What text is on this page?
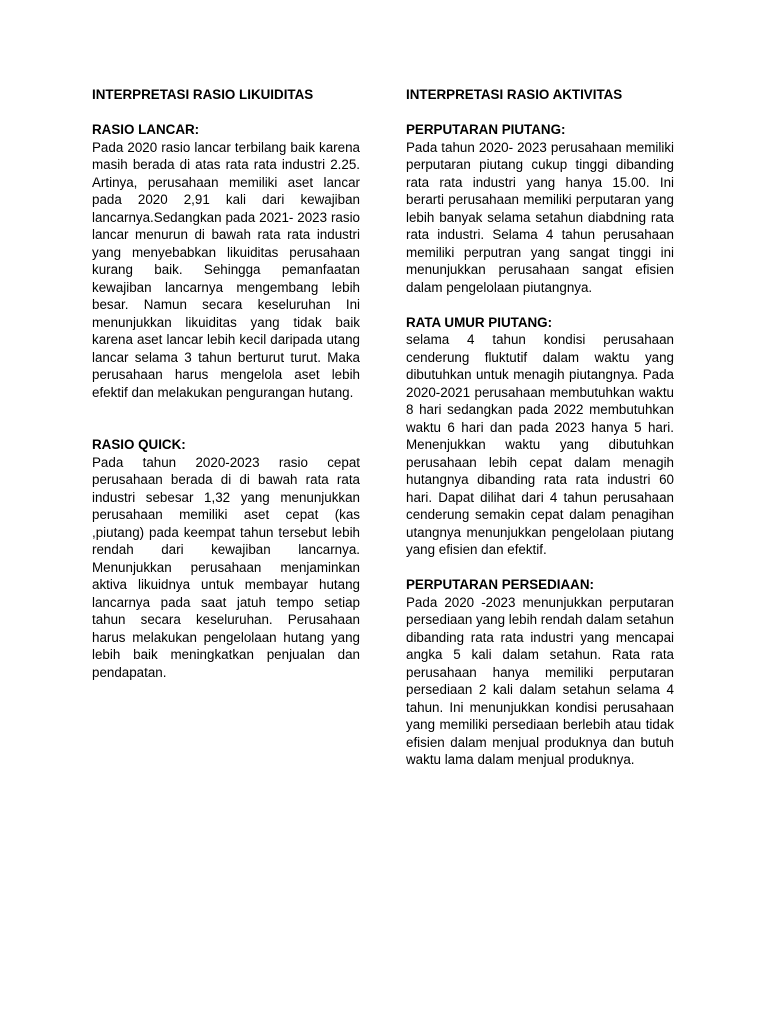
INTERPRETASI RASIO LIKUIDITAS
RASIO LANCAR:

Pada 2020 rasio lancar terbilang baik karena masih berada di atas rata rata industri 2.25. Artinya, perusahaan memiliki aset lancar pada 2020 2,91 kali dari kewajiban lancarnya.Sedangkan pada 2021- 2023 rasio lancar menurun di bawah rata rata industri yang menyebabkan likuiditas perusahaan kurang baik. Sehingga pemanfaatan kewajiban lancarnya mengembang lebih besar. Namun secara keseluruhan Ini menunjukkan likuiditas yang tidak baik karena aset lancar lebih kecil daripada utang lancar selama 3 tahun berturut turut. Maka perusahaan harus mengelola aset lebih efektif dan melakukan pengurangan hutang.

RASIO QUICK:

Pada tahun 2020-2023 rasio cepat perusahaan berada di di bawah rata rata industri sebesar 1,32 yang menunjukkan perusahaan memiliki aset cepat (kas ,piutang) pada keempat tahun tersebut lebih rendah dari kewajiban lancarnya. Menunjukkan perusahaan menjaminkan aktiva likuidnya untuk membayar hutang lancarnya pada saat jatuh tempo setiap tahun secara keseluruhan. Perusahaan harus melakukan pengelolaan hutang yang lebih baik meningkatkan penjualan dan pendapatan.

INTERPRETASI RASIO AKTIVITAS
PERPUTARAN PIUTANG:

Pada tahun 2020- 2023 perusahaan memiliki perputaran piutang cukup tinggi dibanding rata rata industri yang hanya 15.00. Ini berarti perusahaan memiliki perputaran yang lebih banyak selama setahun diabdning rata rata industri. Selama 4 tahun perusahaan memiliki perputran yang sangat tinggi ini menunjukkan perusahaan sangat efisien dalam pengelolaan piutangnya.

RATA UMUR PIUTANG:

selama 4 tahun kondisi perusahaan cenderung fluktutif dalam waktu yang dibutuhkan untuk menagih piutangnya. Pada 2020-2021 perusahaan membutuhkan waktu 8 hari sedangkan pada 2022 membutuhkan waktu 6 hari dan pada 2023 hanya 5 hari. Menenjukkan waktu yang dibutuhkan perusahaan lebih cepat dalam menagih hutangnya dibanding rata rata industri 60 hari. Dapat dilihat dari 4 tahun perusahaan cenderung semakin cepat dalam penagihan utangnya menunjukkan pengelolaan piutang yang efisien dan efektif.

PERPUTARAN PERSEDIAAN:

Pada 2020 -2023 menunjukkan perputaran persediaan yang lebih rendah dalam setahun dibanding rata rata industri yang mencapai angka 5 kali dalam setahun. Rata rata perusahaan hanya memiliki perputaran persediaan 2 kali dalam setahun selama 4 tahun. Ini menunjukkan kondisi perusahaan yang memiliki persediaan berlebih atau tidak efisien dalam menjual produknya dan butuh waktu lama dalam menjual produknya.
